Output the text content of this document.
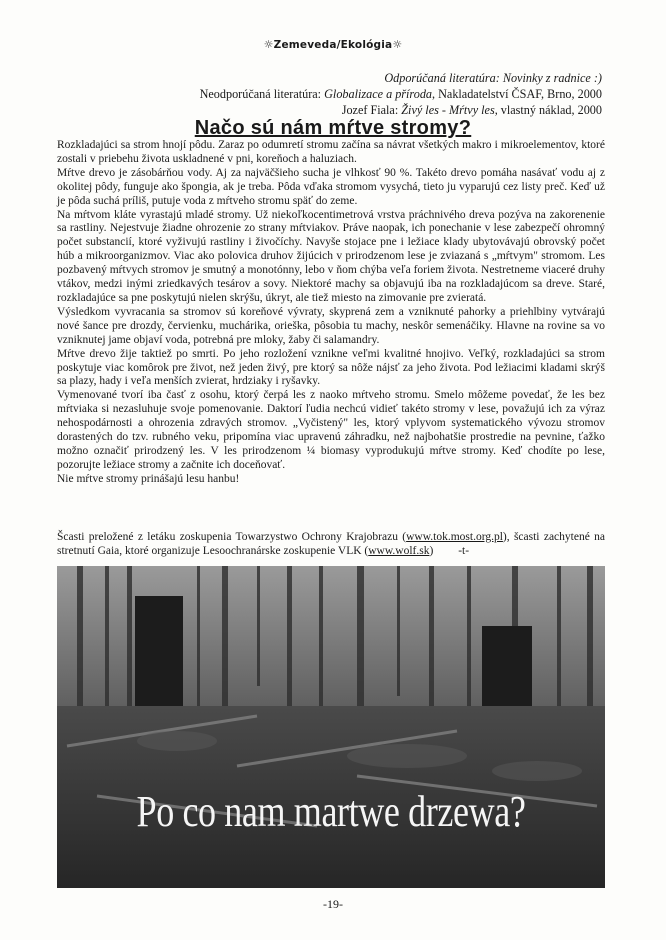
☼Zemeveda/Ekológia☼
Odporúčaná literatúra: Novinky z radnice :)
Neodporúčaná literatúra: Globalizace a příroda, Nakladatelství ČSAF, Brno, 2000
Jozef Fiala: Živý les - Mŕtvy les, vlastný náklad, 2000
Načo sú nám mŕtve stromy?

Rozkladajúci sa strom hnojí pôdu. Zaraz po odumretí stromu začína sa návrat všetkých makro i mikroelementov, ktoré zostali v priebehu života uskladnené v pni, koreňoch a haluziach.

Mŕtve drevo je zásobárňou vody. Aj za najväčšieho sucha je vlhkosť 90 %. Takéto drevo pomáha nasávať vodu aj z okolitej pôdy, funguje ako špongia, ak je treba. Pôda vďaka stromom vysychá, tieto ju vyparujú cez listy preč. Keď už je pôda suchá príliš, putuje voda z mŕtveho stromu späť do zeme.

Na mŕtvom kláte vyrastajú mladé stromy. Už niekoľkocentimetrová vrstva práchnivého dreva pozýva na zakorenenie sa rastliny. Nejestvuje žiadne ohrozenie zo strany mŕtviakov. Práve naopak, ich ponechanie v lese zabezpečí ohromný počet substancií, ktoré vyživujú rastliny i živočíchy. Navyše stojace pne i ležiace klady ubytovávajú obrovský počet húb a mikroorganizmov. Viac ako polovica druhov žijúcich v prirodzenom lese je zviazaná s „mŕtvym" stromom. Les pozbavený mŕtvych stromov je smutný a monotónny, lebo v ňom chýba veľa foriem života. Nestretneme viaceré druhy vtákov, medzi inými zriedkavých tesárov a sovy. Niektoré machy sa objavujú iba na rozkladajúcom sa dreve. Staré, rozkladajúce sa pne poskytujú nielen skrýšu, úkryt, ale tiež miesto na zimovanie pre zvieratá.

Výsledkom vyvracania sa stromov sú koreňové vývraty, skyprená zem a vzniknuté pahorky a priehlbiny vytvárajú nové šance pre drozdy, červienku, muchárika, orieška, pôsobia tu machy, neskôr semenáčiky. Hlavne na rovine sa vo vzniknutej jame objaví voda, potrebná pre mloky, žaby či salamandry.

Mŕtve drevo žije taktiež po smrti. Po jeho rozložení vznikne veľmi kvalitné hnojivo. Veľký, rozkladajúci sa strom poskytuje viac komôrok pre život, než jeden živý, pre ktorý sa nôže nájsť za jeho života. Pod ležiacimi kladami skrýš sa plazy, hady i veľa menších zvierat, hrdziaky i ryšavky.

Vymenované tvorí iba časť z osohu, ktorý čerpá les z naoko mŕtveho stromu. Smelo môžeme povedať, že les bez mŕtviaka si nezasluhuje svoje pomenovanie. Daktorí ľudia nechcú vidieť takéto stromy v lese, považujú ich za výraz nehospodárnosti a ohrozenia zdravých stromov. „Vyčistený" les, ktorý vplyvom systematického vývozu stromov dorastených do tzv. rubného veku, pripomína viac upravenú záhradku, než najbohatšie prostredie na pevnine, ťažko možno označiť prirodzený les. V les prirodzenom ¼ biomasy vyprodukujú mŕtve stromy. Keď chodíte po lese, pozorujte ležiace stromy a začnite ich doceňovať.

Nie mŕtve stromy prinášajú lesu hanbu!

Šcasti preložené z letáku zoskupenia Towarzystwo Ochrony Krajobrazu (www.tok.most.org.pl), šcasti zachytené na stretnutí Gaia, ktoré organizuje Lesoochranárske zoskupenie VLK (www.wolf.sk) -t-
Po co nam martwe drzewa?
-19-
